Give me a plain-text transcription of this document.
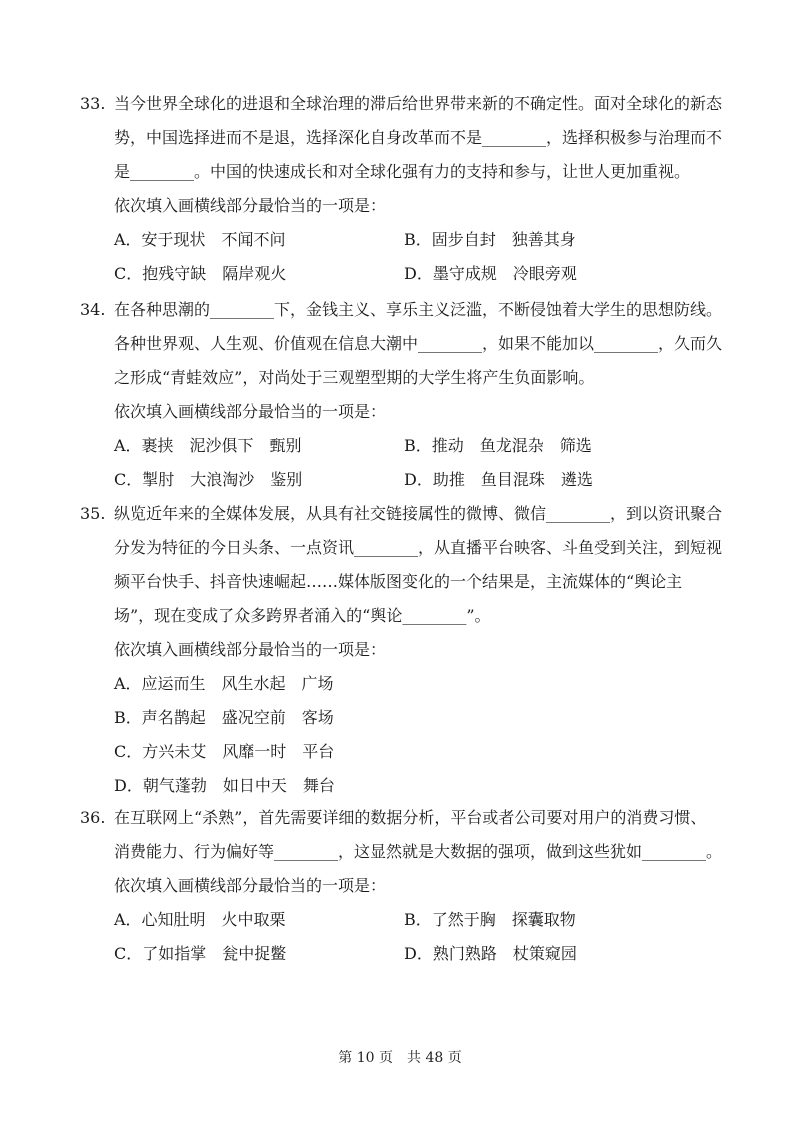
33. 当今世界全球化的进退和全球治理的滞后给世界带来新的不确定性。面对全球化的新态
势，中国选择进而不是退，选择深化自身改革而不是________，选择积极参与治理而不
是________。中国的快速成长和对全球化强有力的支持和参与，让世人更加重视。
依次填入画横线部分最恰当的一项是：
A．安于现状　不闻不问	B．固步自封　独善其身
C．抱残守缺　隔岸观火	D．墨守成规　冷眼旁观
34. 在各种思潮的________下，金钱主义、享乐主义泛滥，不断侵蚀着大学生的思想防线。
各种世界观、人生观、价值观在信息大潮中________，如果不能加以________，久而久
之形成“青蛙效应”，对尚处于三观塑型期的大学生将产生负面影响。
依次填入画横线部分最恰当的一项是：
A．裹挟　泥沙俱下　甄别	B．推动　鱼龙混杂　筛选
C．掣肘　大浪淘沙　鉴别	D．助推　鱼目混珠　遴选
35. 纵览近年来的全媒体发展，从具有社交链接属性的微博、微信________，到以资讯聚合
分发为特征的今日头条、一点资讯________，从直播平台映客、斗鱼受到关注，到短视
频平台快手、抖音快速崛起……媒体版图变化的一个结果是，主流媒体的“舆论主
场”，现在变成了众多跨界者涌入的“舆论________”。
依次填入画横线部分最恰当的一项是：
A．应运而生　风生水起　广场
B．声名鹊起　盛况空前　客场
C．方兴未艾　风靡一时　平台
D．朝气蓬勃　如日中天　舞台
36. 在互联网上“杀熟”，首先需要详细的数据分析，平台或者公司要对用户的消费习惯、
消费能力、行为偏好等________，这显然就是大数据的强项，做到这些犹如________。
依次填入画横线部分最恰当的一项是：
A．心知肚明　火中取栗	B．了然于胸　探囊取物
C．了如指掌　瓮中捉鳖	D．熟门熟路　杖策窥园
第 10 页　共 48 页
